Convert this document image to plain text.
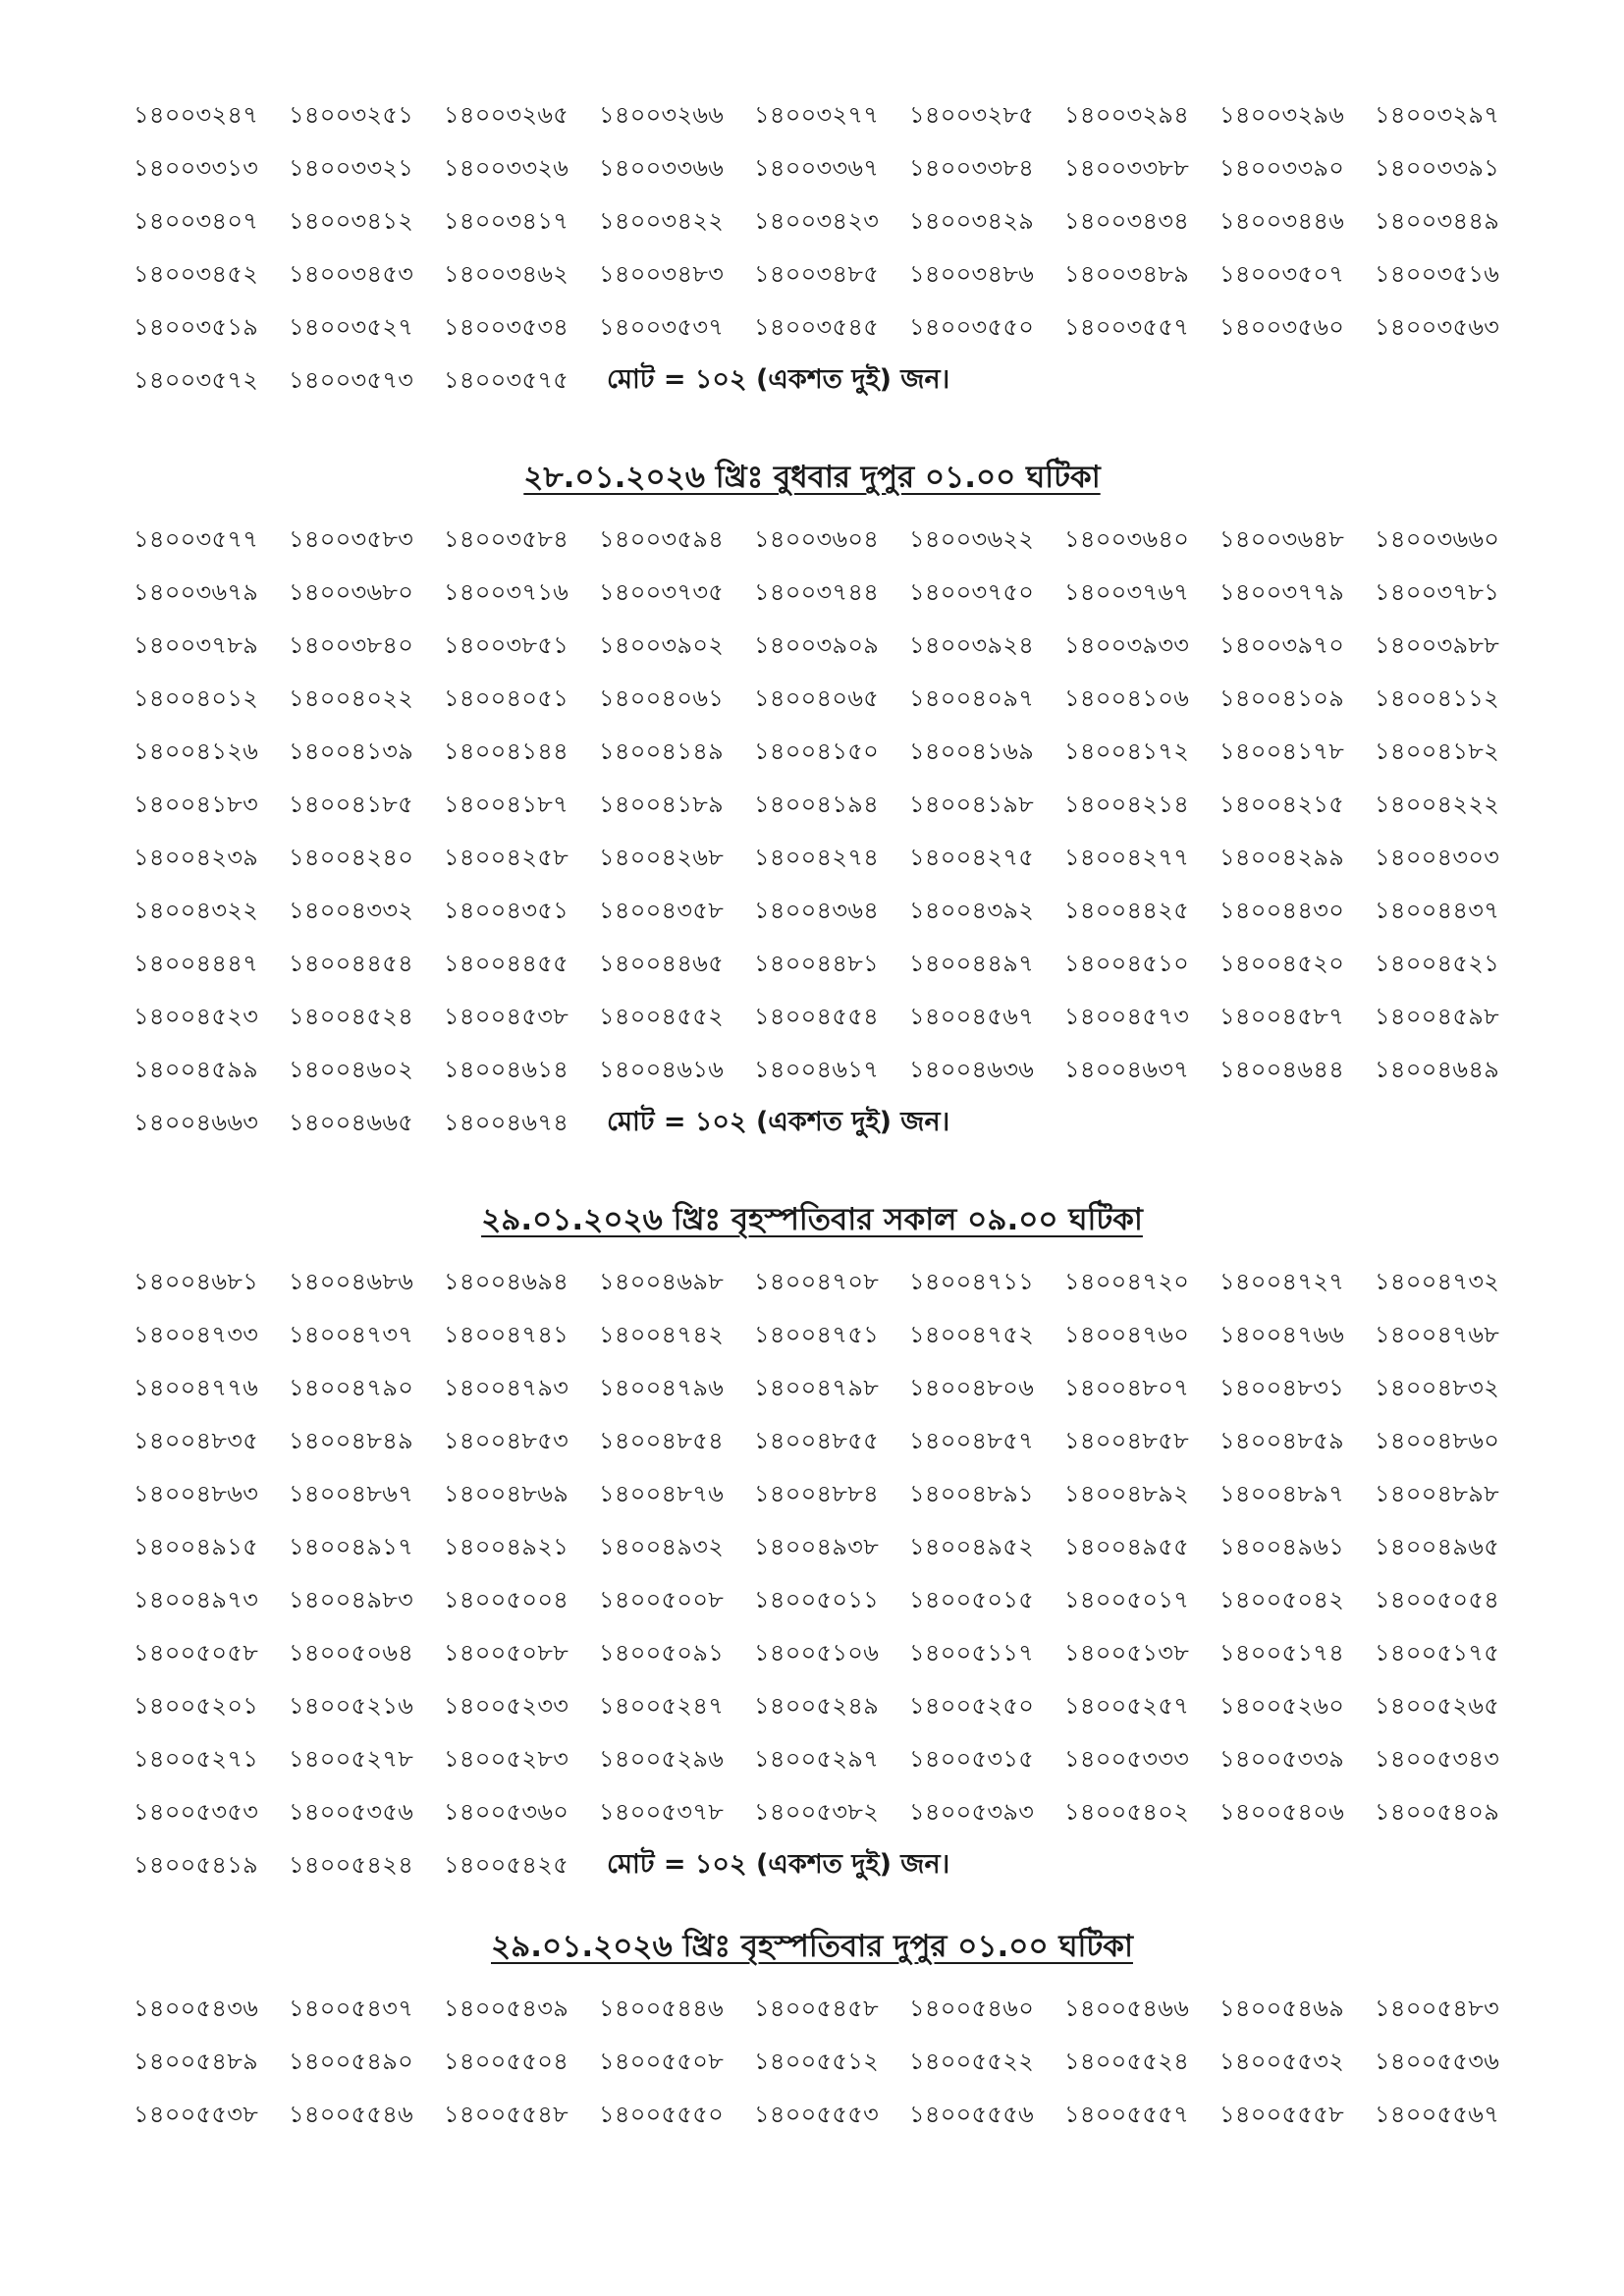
১৪০০৩২৪৭ ১৪০০৩২৫১ ১৪০০৩২৬৫ ১৪০০৩২৬৬ ১৪০০৩২৭৭ ১৪০০৩২৮৫ ১৪০০৩২৯৪ ১৪০০৩২৯৬ ১৪০০৩২৯৭
১৪০০৩৩১৩ ১৪০০৩৩২১ ১৪০০৩৩২৬ ১৪০০৩৩৬৬ ১৪০০৩৩৬৭ ১৪০০৩৩৮৪ ১৪০০৩৩৮৮ ১৪০০৩৩৯০ ১৪০০৩৩৯১
১৪০০৩৪০৭ ১৪০০৩৪১২ ১৪০০৩৪১৭ ১৪০০৩৪২২ ১৪০০৩৪২৩ ১৪০০৩৪২৯ ১৪০০৩৪৩৪ ১৪০০৩৪৪৬ ১৪০০৩৪৪৯
১৪০০৩৪৫২ ১৪০০৩৪৫৩ ১৪০০৩৪৬২ ১৪০০৩৪৮৩ ১৪০০৩৪৮৫ ১৪০০৩৪৮৬ ১৪০০৩৪৮৯ ১৪০০৩৫০৭ ১৪০০৩৫১৬
১৪০০৩৫১৯ ১৪০০৩৫২৭ ১৪০০৩৫৩৪ ১৪০০৩৫৩৭ ১৪০০৩৫৪৫ ১৪০০৩৫৫০ ১৪০০৩৫৫৭ ১৪০০৩৫৬০ ১৪০০৩৫৬৩
১৪০০৩৫৭২ ১৪০০৩৫৭৩ ১৪০০৩৫৭৫ মোট = ১০২ (একশত দুই) জন।
২৮.০১.২০২৬ খ্রিঃ বুধবার দুপুর ০১.০০ ঘটিকা
১৪০০৩৫৭৭ ১৪০০৩৫৮৩ ১৪০০৩৫৮৪ ১৪০০৩৫৯৪ ১৪০০৩৬০৪ ১৪০০৩৬২২ ১৪০০৩৬৪০ ১৪০০৩৬৪৮ ১৪০০৩৬৬০
১৪০০৩৬৭৯ ১৪০০৩৬৮০ ১৪০০৩৭১৬ ১৪০০৩৭৩৫ ১৪০০৩৭৪৪ ১৪০০৩৭৫০ ১৪০০৩৭৬৭ ১৪০০৩৭৭৯ ১৪০০৩৭৮১
১৪০০৩৭৮৯ ১৪০০৩৮৪০ ১৪০০৩৮৫১ ১৪০০৩৯০২ ১৪০০৩৯০৯ ১৪০০৩৯২৪ ১৪০০৩৯৩৩ ১৪০০৩৯৭০ ১৪০০৩৯৮৮
১৪০০৪০১২ ১৪০০৪০২২ ১৪০০৪০৫১ ১৪০০৪০৬১ ১৪০০৪০৬৫ ১৪০০৪০৯৭ ১৪০০৪১০৬ ১৪০০৪১০৯ ১৪০০৪১১২
১৪০০৪১২৬ ১৪০০৪১৩৯ ১৪০০৪১৪৪ ১৪০০৪১৪৯ ১৪০০৪১৫০ ১৪০০৪১৬৯ ১৪০০৪১৭২ ১৪০০৪১৭৮ ১৪০০৪১৮২
১৪০০৪১৮৩ ১৪০০৪১৮৫ ১৪০০৪১৮৭ ১৪০০৪১৮৯ ১৪০০৪১৯৪ ১৪০০৪১৯৮ ১৪০০৪২১৪ ১৪০০৪২১৫ ১৪০০৪২২২
১৪০০৪২৩৯ ১৪০০৪২৪০ ১৪০০৪২৫৮ ১৪০০৪২৬৮ ১৪০০৪২৭৪ ১৪০০৪২৭৫ ১৪০০৪২৭৭ ১৪০০৪২৯৯ ১৪০০৪৩০৩
১৪০০৪৩২২ ১৪০০৪৩৩২ ১৪০০৪৩৫১ ১৪০০৪৩৫৮ ১৪০০৪৩৬৪ ১৪০০৪৩৯২ ১৪০০৪৪২৫ ১৪০০৪৪৩০ ১৪০০৪৪৩৭
১৪০০৪৪৪৭ ১৪০০৪৪৫৪ ১৪০০৪৪৫৫ ১৪০০৪৪৬৫ ১৪০০৪৪৮১ ১৪০০৪৪৯৭ ১৪০০৪৫১০ ১৪০০৪৫২০ ১৪০০৪৫২১
১৪০০৪৫২৩ ১৪০০৪৫২৪ ১৪০০৪৫৩৮ ১৪০০৪৫৫২ ১৪০০৪৫৫৪ ১৪০০৪৫৬৭ ১৪০০৪৫৭৩ ১৪০০৪৫৮৭ ১৪০০৪৫৯৮
১৪০০৪৫৯৯ ১৪০০৪৬০২ ১৪০০৪৬১৪ ১৪০০৪৬১৬ ১৪০০৪৬১৭ ১৪০০৪৬৩৬ ১৪০০৪৬৩৭ ১৪০০৪৬৪৪ ১৪০০৪৬৪৯
১৪০০৪৬৬৩ ১৪০০৪৬৬৫ ১৪০০৪৬৭৪ মোট = ১০২ (একশত দুই) জন।
২৯.০১.২০২৬ খ্রিঃ বৃহস্পতিবার সকাল ০৯.০০ ঘটিকা
১৪০০৪৬৮১ ১৪০০৪৬৮৬ ১৪০০৪৬৯৪ ১৪০০৪৬৯৮ ১৪০০৪৭০৮ ১৪০০৪৭১১ ১৪০০৪৭২০ ১৪০০৪৭২৭ ১৪০০৪৭৩২
১৪০০৪৭৩৩ ১৪০০৪৭৩৭ ১৪০০৪৭৪১ ১৪০০৪৭৪২ ১৪০০৪৭৫১ ১৪০০৪৭৫২ ১৪০০৪৭৬০ ১৪০০৪৭৬৬ ১৪০০৪৭৬৮
১৪০০৪৭৭৬ ১৪০০৪৭৯০ ১৪০০৪৭৯৩ ১৪০০৪৭৯৬ ১৪০০৪৭৯৮ ১৪০০৪৮০৬ ১৪০০৪৮০৭ ১৪০০৪৮৩১ ১৪০০৪৮৩২
১৪০০৪৮৩৫ ১৪০০৪৮৪৯ ১৪০০৪৮৫৩ ১৪০০৪৮৫৪ ১৪০০৪৮৫৫ ১৪০০৪৮৫৭ ১৪০০৪৮৫৮ ১৪০০৪৮৫৯ ১৪০০৪৮৬০
১৪০০৪৮৬৩ ১৪০০৪৮৬৭ ১৪০০৪৮৬৯ ১৪০০৪৮৭৬ ১৪০০৪৮৮৪ ১৪০০৪৮৯১ ১৪০০৪৮৯২ ১৪০০৪৮৯৭ ১৪০০৪৮৯৮
১৪০০৪৯১৫ ১৪০০৪৯১৭ ১৪০০৪৯২১ ১৪০০৪৯৩২ ১৪০০৪৯৩৮ ১৪০০৪৯৫২ ১৪০০৪৯৫৫ ১৪০০৪৯৬১ ১৪০০৪৯৬৫
১৪০০৪৯৭৩ ১৪০০৪৯৮৩ ১৪০০৫০০৪ ১৪০০৫০০৮ ১৪০০৫০১১ ১৪০০৫০১৫ ১৪০০৫০১৭ ১৪০০৫০৪২ ১৪০০৫০৫৪
১৪০০৫০৫৮ ১৪০০৫০৬৪ ১৪০০৫০৮৮ ১৪০০৫০৯১ ১৪০০৫১০৬ ১৪০০৫১১৭ ১৪০০৫১৩৮ ১৪০০৫১৭৪ ১৪০০৫১৭৫
১৪০০৫২০১ ১৪০০৫২১৬ ১৪০০৫২৩৩ ১৪০০৫২৪৭ ১৪০০৫২৪৯ ১৪০০৫২৫০ ১৪০০৫২৫৭ ১৪০০৫২৬০ ১৪০০৫২৬৫
১৪০০৫২৭১ ১৪০০৫২৭৮ ১৪০০৫২৮৩ ১৪০০৫২৯৬ ১৪০০৫২৯৭ ১৪০০৫৩১৫ ১৪০০৫৩৩৩ ১৪০০৫৩৩৯ ১৪০০৫৩৪৩
১৪০০৫৩৫৩ ১৪০০৫৩৫৬ ১৪০০৫৩৬০ ১৪০০৫৩৭৮ ১৪০০৫৩৮২ ১৪০০৫৩৯৩ ১৪০০৫৪০২ ১৪০০৫৪০৬ ১৪০০৫৪০৯
১৪০০৫৪১৯ ১৪০০৫৪২৪ ১৪০০৫৪২৫ মোট = ১০২ (একশত দুই) জন।
২৯.০১.২০২৬ খ্রিঃ বৃহস্পতিবার দুপুর ০১.০০ ঘটিকা
১৪০০৫৪৩৬ ১৪০০৫৪৩৭ ১৪০০৫৪৩৯ ১৪০০৫৪৪৬ ১৪০০৫৪৫৮ ১৪০০৫৪৬০ ১৪০০৫৪৬৬ ১৪০০৫৪৬৯ ১৪০০৫৪৮৩
১৪০০৫৪৮৯ ১৪০০৫৪৯০ ১৪০০৫৫০৪ ১৪০০৫৫০৮ ১৪০০৫৫১২ ১৪০০৫৫২২ ১৪০০৫৫২৪ ১৪০০৫৫৩২ ১৪০০৫৫৩৬
১৪০০৫৫৩৮ ১৪০০৫৫৪৬ ১৪০০৫৫৪৮ ১৪০০৫৫৫০ ১৪০০৫৫৫৩ ১৪০০৫৫৫৬ ১৪০০৫৫৫৭ ১৪০০৫৫৫৮ ১৪০০৫৫৬৭
